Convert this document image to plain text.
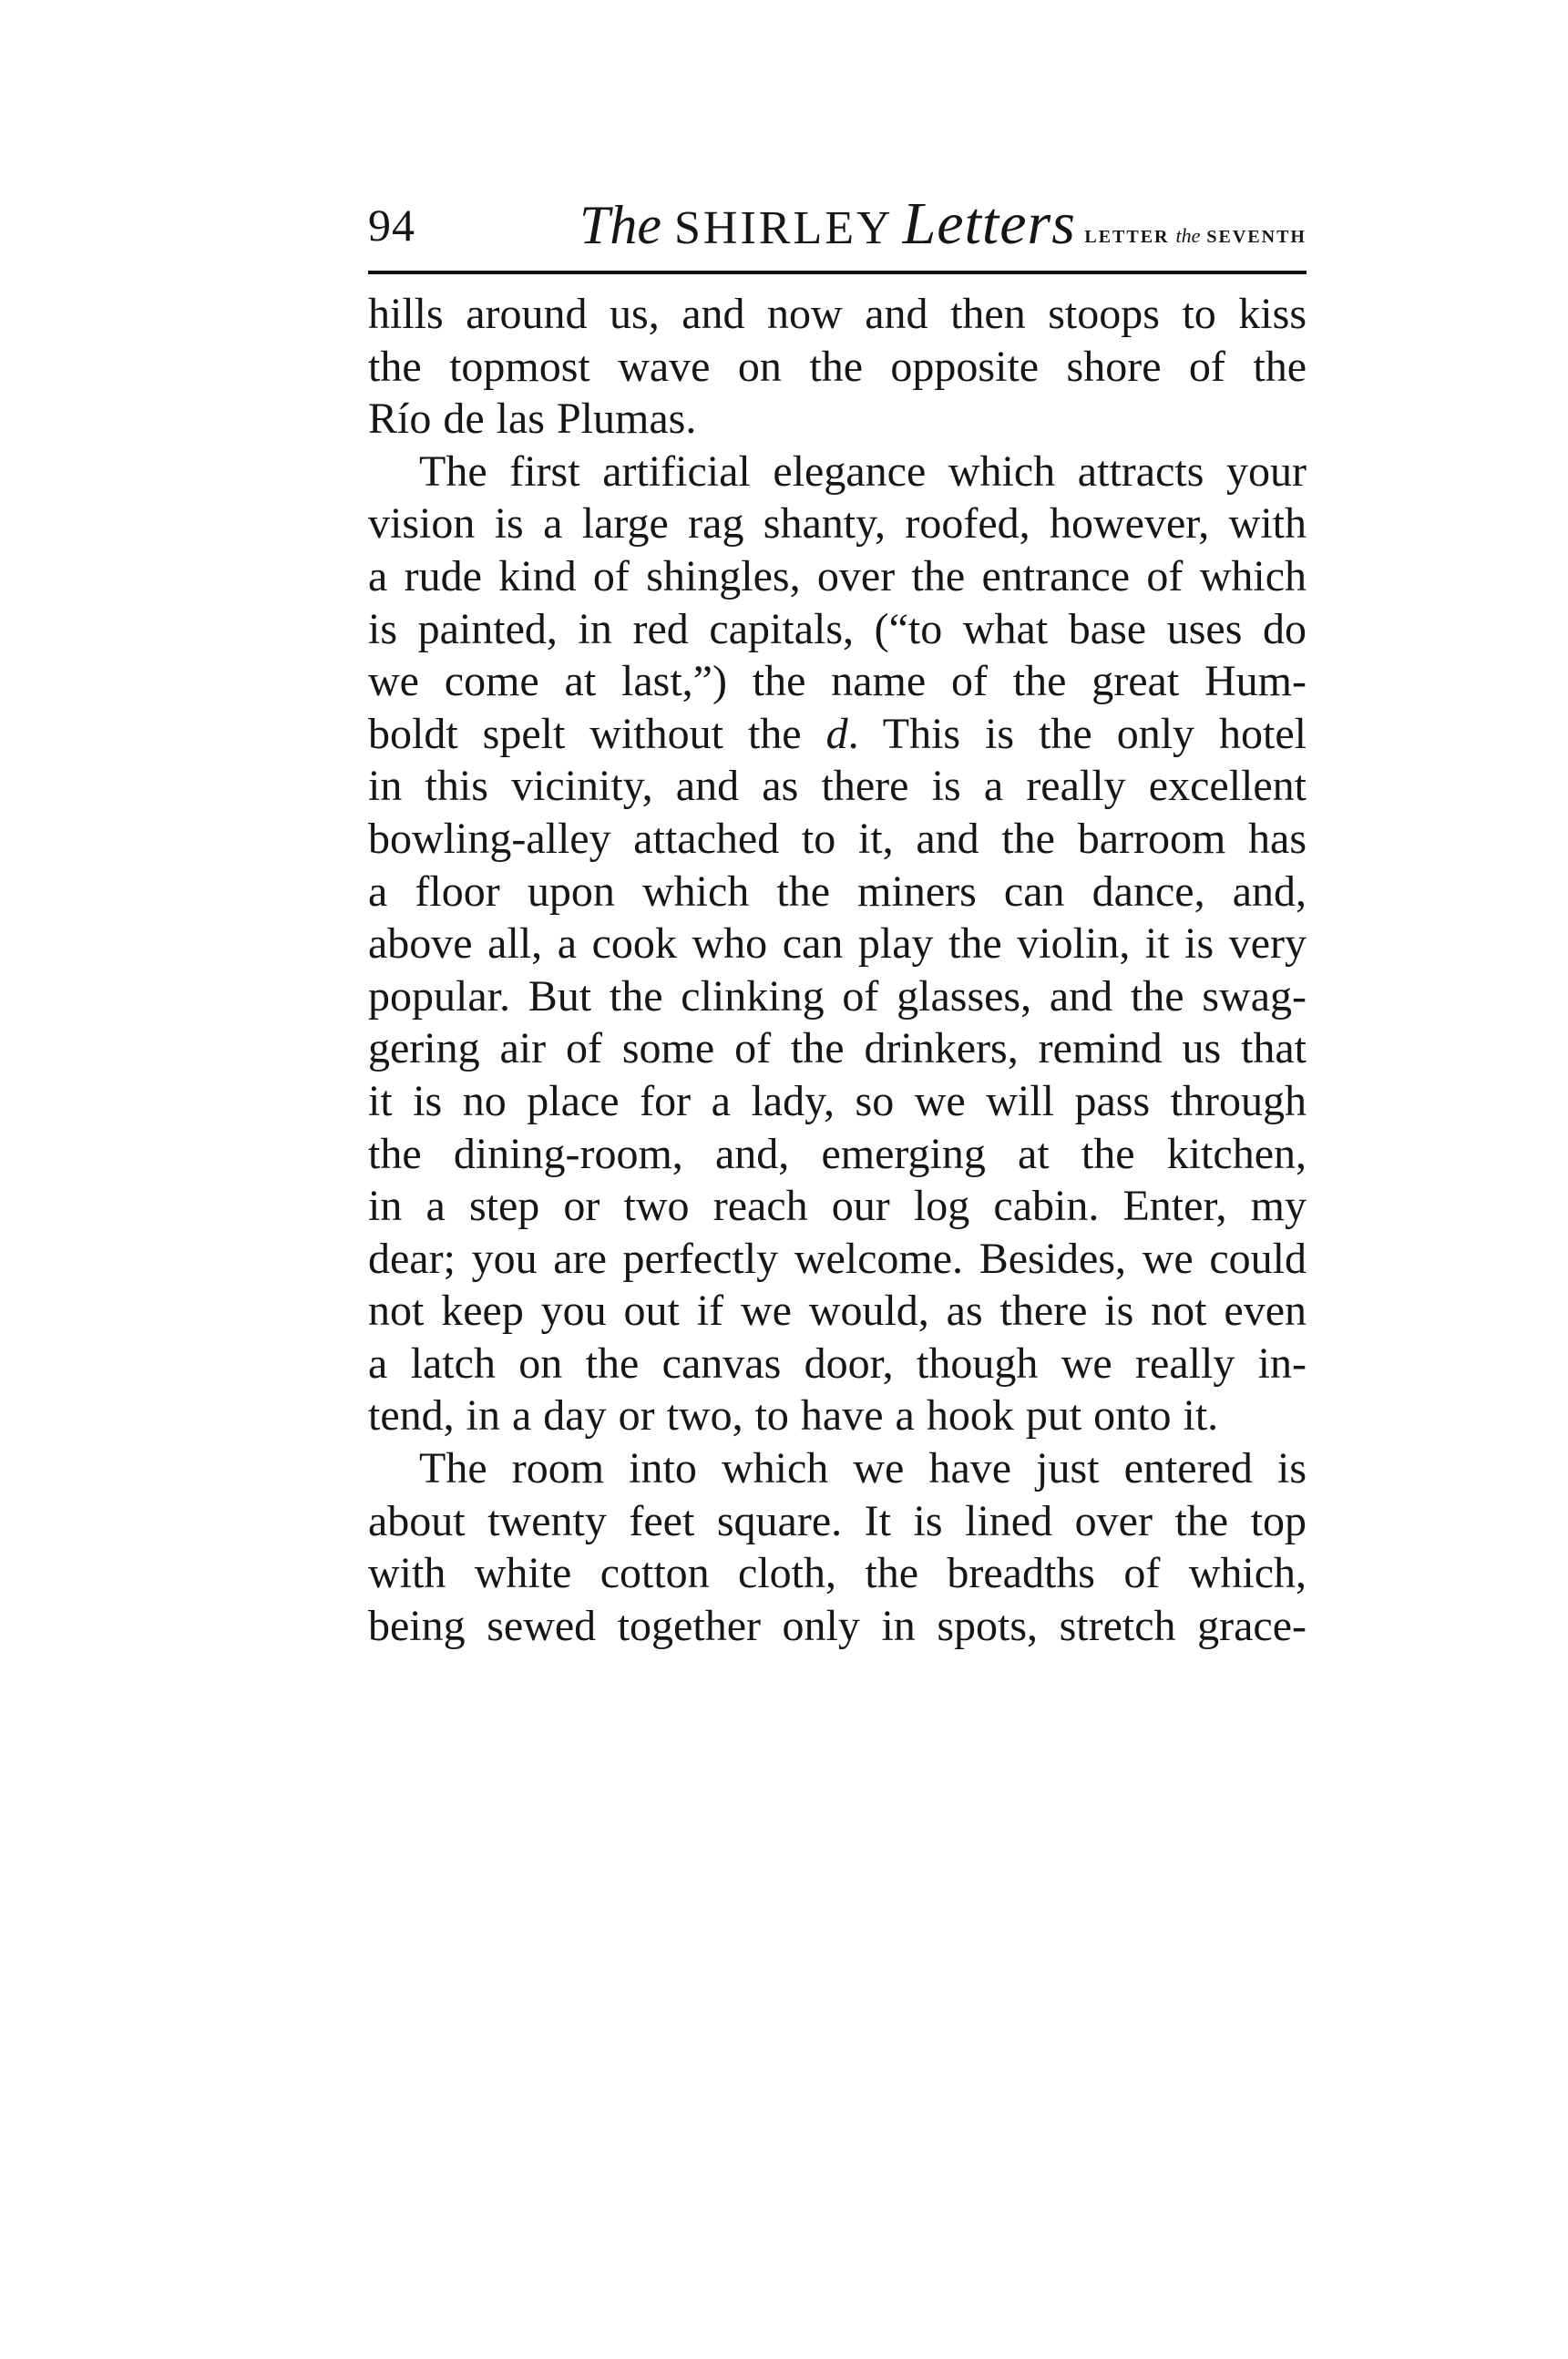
94	The SHIRLEY Letters LETTER the SEVENTH
hills around us, and now and then stoops to kiss
the topmost wave on the opposite shore of the
Río de las Plumas.
The first artificial elegance which attracts your
vision is a large rag shanty, roofed, however, with
a rude kind of shingles, over the entrance of which
is painted, in red capitals, (“to what base uses do
we come at last,”) the name of the great Hum-
boldt spelt without the d. This is the only hotel
in this vicinity, and as there is a really excellent
bowling-alley attached to it, and the barroom has
a floor upon which the miners can dance, and,
above all, a cook who can play the violin, it is very
popular. But the clinking of glasses, and the swag-
gering air of some of the drinkers, remind us that
it is no place for a lady, so we will pass through
the dining-room, and, emerging at the kitchen,
in a step or two reach our log cabin. Enter, my
dear; you are perfectly welcome. Besides, we could
not keep you out if we would, as there is not even
a latch on the canvas door, though we really in-
tend, in a day or two, to have a hook put onto it.
The room into which we have just entered is
about twenty feet square. It is lined over the top
with white cotton cloth, the breadths of which,
being sewed together only in spots, stretch grace-
